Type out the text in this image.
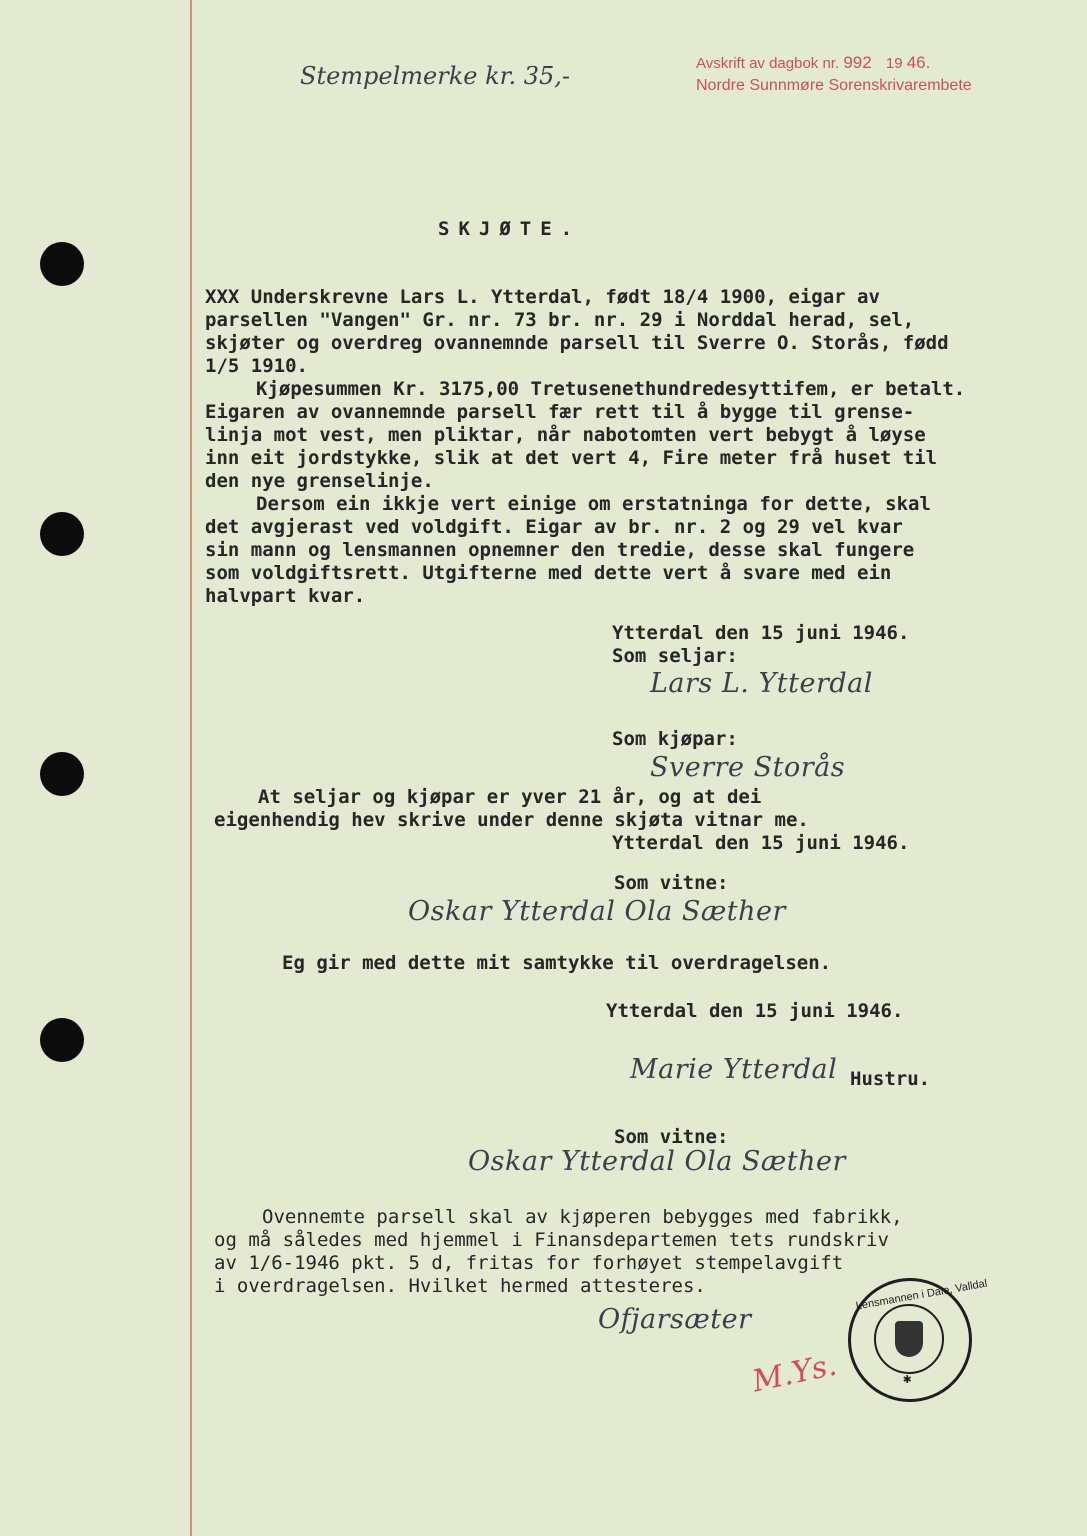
Avskrift av dagbok nr. 992 19 46.
Nordre Sunnmøre Sorenskrivarembete
Stempelmerke kr. 35,-
SKJØTE.
XXX Underskrevne Lars L. Ytterdal, født 18/4 1900, eigar av
parsellen "Vangen" Gr. nr. 73 br. nr. 29 i Norddal herad, sel,
skjøter og overdreg ovannemnde parsell til Sverre O. Storås, fødd
1/5 1910.
Kjøpesummen Kr. 3175,00 Tretusenethundredesyttifem, er betalt.
Eigaren av ovannemnde parsell fær rett til å bygge til grense-
linja mot vest, men pliktar, når nabotomten vert bebygt å løyse
inn eit jordstykke, slik at det vert 4, Fire meter frå huset til
den nye grenselinje.
Dersom ein ikkje vert einige om erstatninga for dette, skal
det avgjerast ved voldgift. Eigar av br. nr. 2 og 29 vel kvar
sin mann og lensmannen opnemner den tredie, desse skal fungere
som voldgiftsrett. Utgifterne med dette vert å svare med ein
halvpart kvar.
Ytterdal den 15 juni 1946.
Som seljar:
Lars L. Ytterdal
Som kjøpar:
Sverre Storås
At seljar og kjøpar er yver 21 år, og at dei
eigenhendig hev skrive under denne skjøta vitnar me.
Ytterdal den 15 juni 1946.
Som vitne:
Oskar Ytterdal Ola Sæther
Eg gir med dette mit samtykke til overdragelsen.
Ytterdal den 15 juni 1946.
Marie Ytterdal Hustru.
Som vitne:
Oskar Ytterdal Ola Sæther
Ovennemte parsell skal av kjøperen bebygges med fabrikk,
og må således med hjemmel i Finansdepartemen tets rundskriv
av 1/6-1946 pkt. 5 d, fritas for forhøyet stempelavgift
i overdragelsen. Hvilket hermed attesteres.
Ofjarsæter
✱
Lensmannen i Dale, Valldal
M.Ys.
